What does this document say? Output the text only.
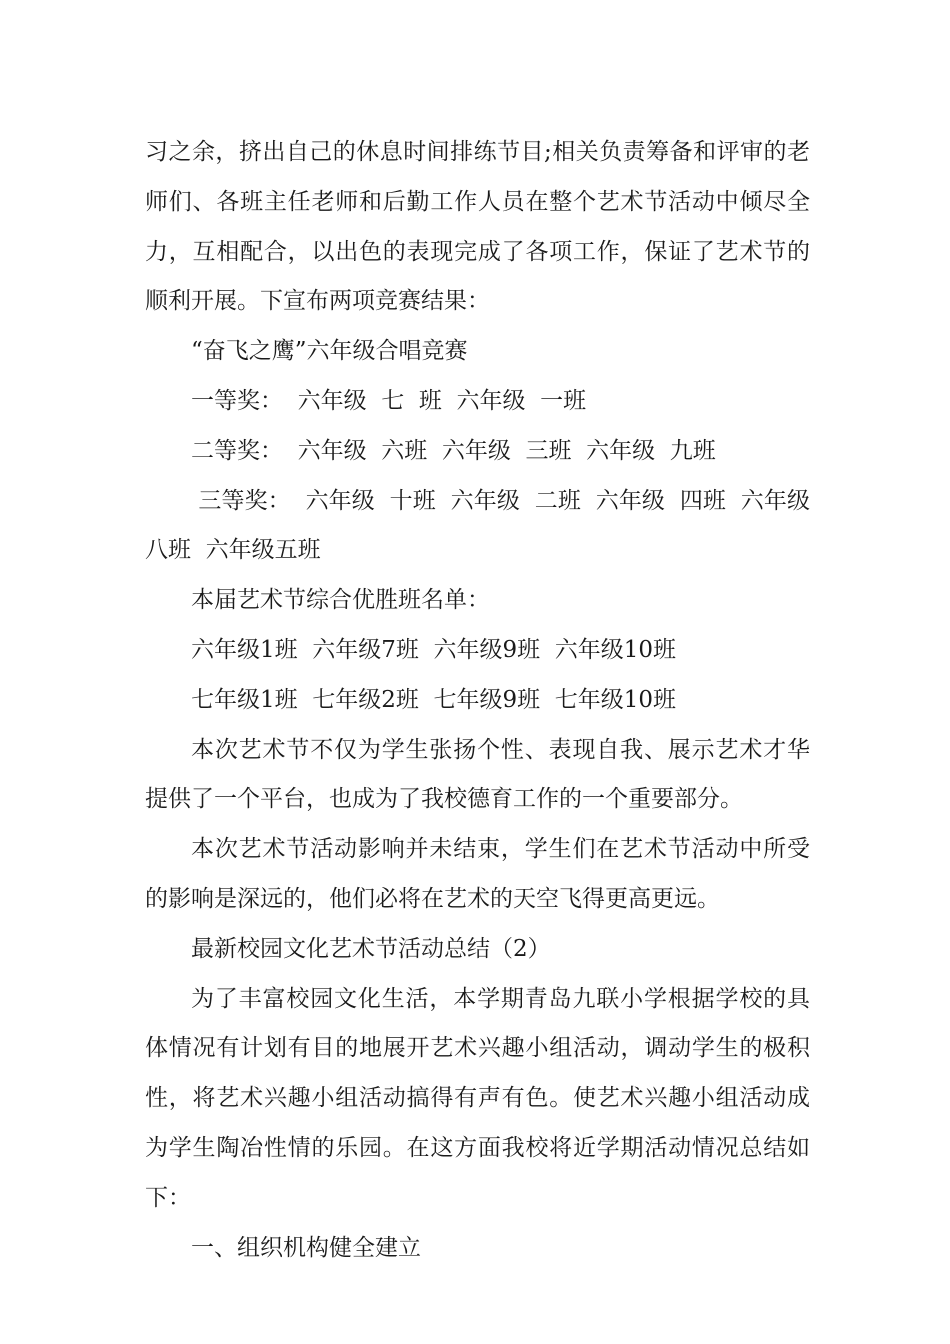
习之余，挤出自己的休息时间排练节目;相关负责筹备和评审的老师们、各班主任老师和后勤工作人员在整个艺术节活动中倾尽全力，互相配合，以出色的表现完成了各项工作，保证了艺术节的顺利开展。下宣布两项竞赛结果：

“奋飞之鹰”六年级合唱竞赛

一等奖：  六年级  七  班  六年级  一班

二等奖：  六年级  六班  六年级  三班  六年级  九班

三等奖：  六年级  十班  六年级  二班  六年级  四班  六年级  八班  六年级五班

本届艺术节综合优胜班名单：

六年级1班  六年级7班  六年级9班  六年级10班

七年级1班  七年级2班  七年级9班  七年级10班

本次艺术节不仅为学生张扬个性、表现自我、展示艺术才华提供了一个平台，也成为了我校德育工作的一个重要部分。

本次艺术节活动影响并未结束，学生们在艺术节活动中所受的影响是深远的，他们必将在艺术的天空飞得更高更远。

最新校园文化艺术节活动总结（2）

为了丰富校园文化生活，本学期青岛九联小学根据学校的具体情况有计划有目的地展开艺术兴趣小组活动，调动学生的极积性，将艺术兴趣小组活动搞得有声有色。使艺术兴趣小组活动成为学生陶冶性情的乐园。在这方面我校将近学期活动情况总结如下：

一、组织机构健全建立
